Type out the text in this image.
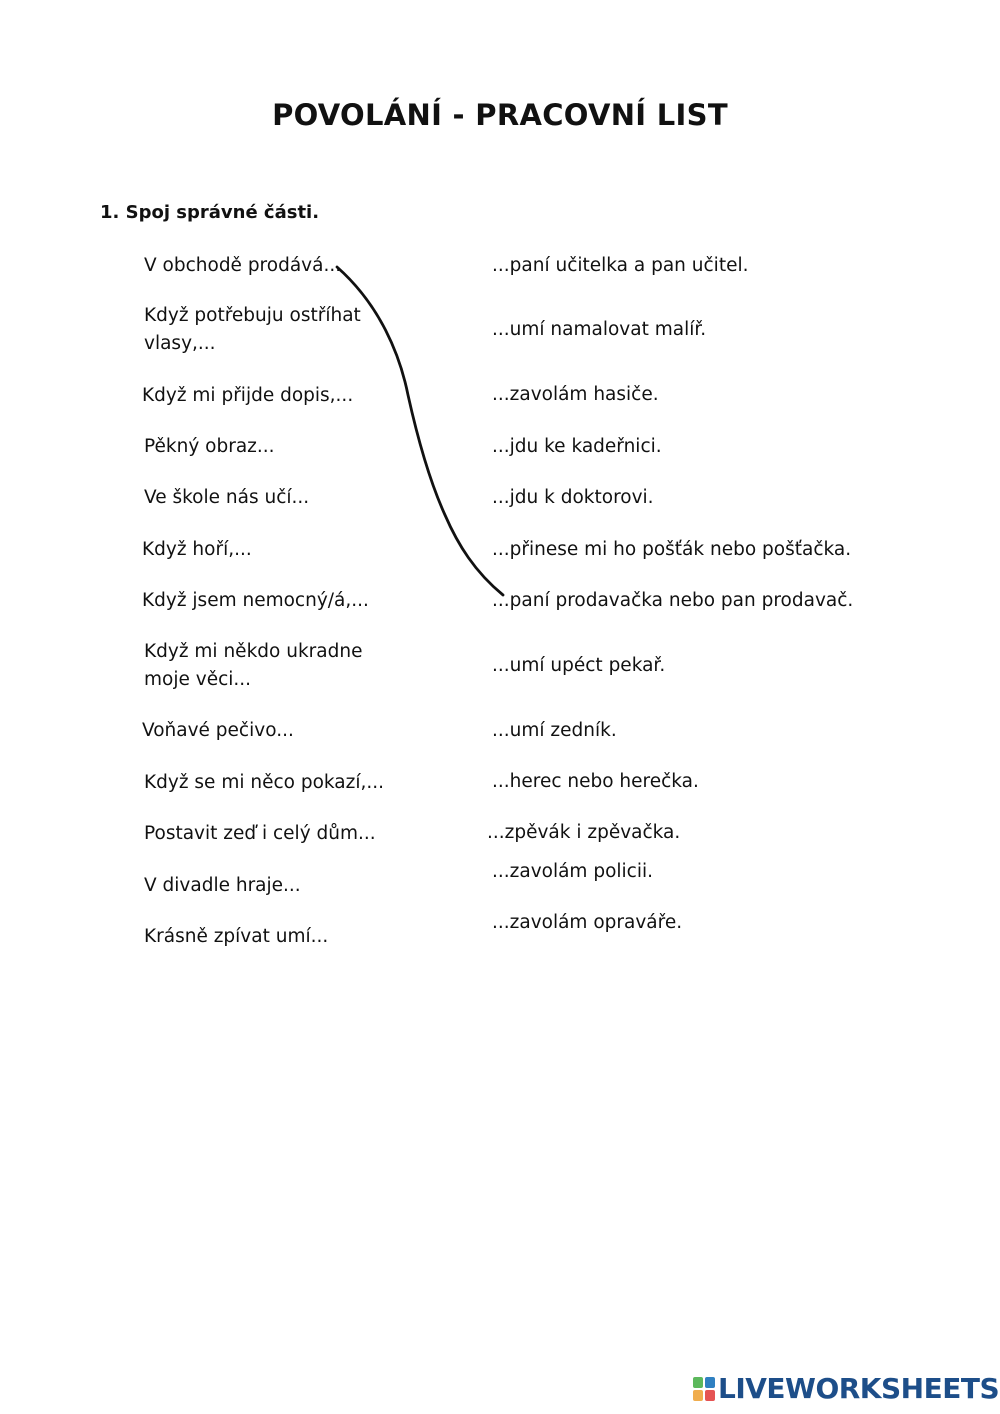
POVOLÁNÍ - PRACOVNÍ LIST
1. Spoj správné části.
V obchodě prodává...
Když potřebuju ostříhat vlasy,...
Když mi přijde dopis,...
Pěkný obraz...
Ve škole nás učí...
Když hoří,...
Když jsem nemocný/á,...
Když mi někdo ukradne moje věci...
Voňavé pečivo...
Když se mi něco pokazí,...
Postavit zeď i celý dům...
V divadle hraje...
Krásně zpívat umí...
...paní učitelka a pan učitel.
...umí namalovat malíř.
...zavolám hasiče.
...jdu ke kadeřnici.
...jdu k doktorovi.
...přinese mi ho pošťák nebo pošťačka.
...paní prodavačka nebo pan prodavač.
...umí upéct pekař.
...umí zedník.
...herec nebo herečka.
...zpěvák i zpěvačka.
...zavolám policii.
...zavolám opraváře.
LIVEWORKSHEETS
